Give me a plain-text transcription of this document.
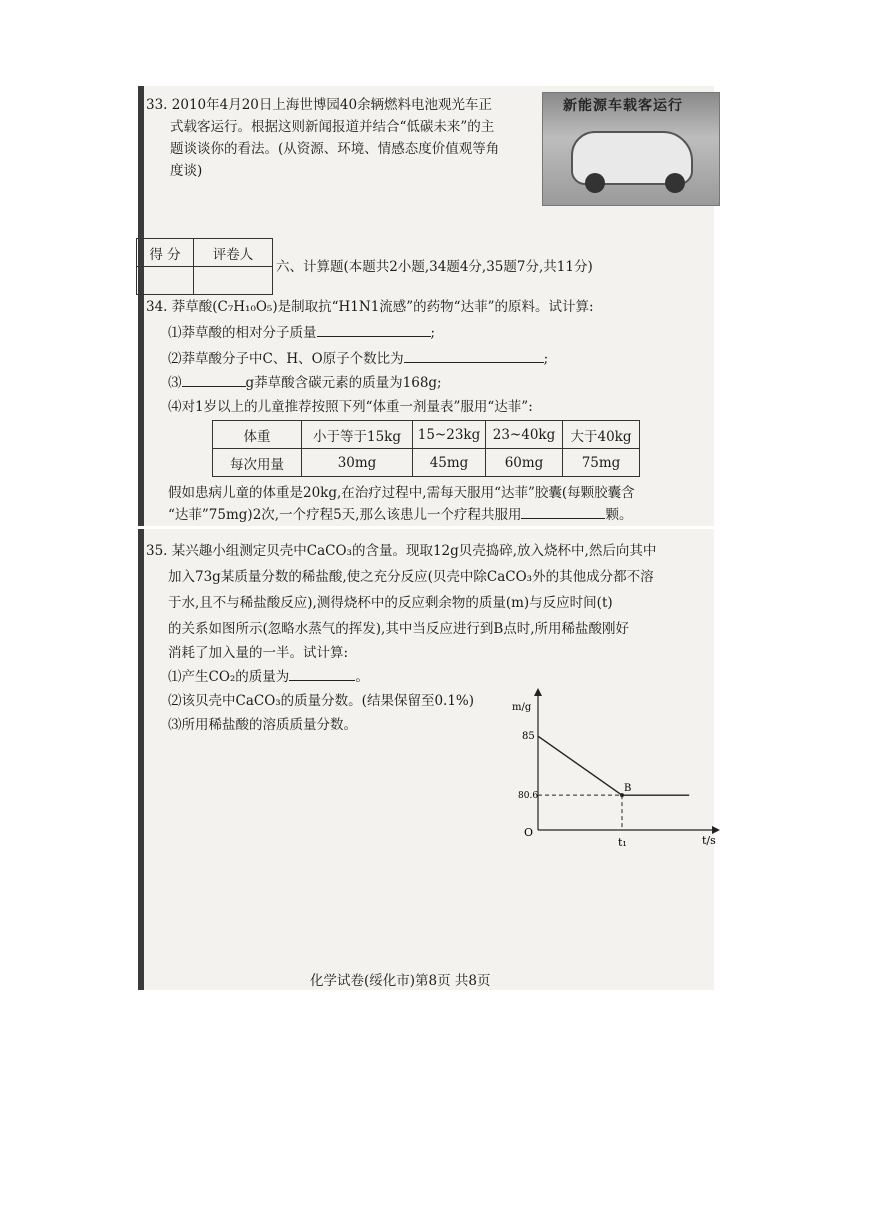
33. 2010年4月20日上海世博园40余辆燃料电池观光车正
式载客运行。根据这则新闻报道并结合“低碳未来”的主
题谈谈你的看法。(从资源、环境、情感态度价值观等角
度谈)
新能源车载客运行
得 分	评卷人

六、计算题(本题共2小题,34题4分,35题7分,共11分)
34. 莽草酸(C₇H₁₀O₅)是制取抗“H1N1流感”的药物“达菲”的原料。试计算:
⑴莽草酸的相对分子质量	;
⑵莽草酸分子中C、H、O原子个数比为	;
⑶	g莽草酸含碳元素的质量为168g;
⑷对1岁以上的儿童推荐按照下列“体重一剂量表”服用“达菲”:
体重	小于等于15kg	15~23kg	23~40kg	大于40kg
每次用量	30mg	45mg	60mg	75mg
假如患病儿童的体重是20kg,在治疗过程中,需每天服用“达菲”胶囊(每颗胶囊含
“达菲”75mg)2次,一个疗程5天,那么该患儿一个疗程共服用	颗。
35. 某兴趣小组测定贝壳中CaCO₃的含量。现取12g贝壳捣碎,放入烧杯中,然后向其中
加入73g某质量分数的稀盐酸,使之充分反应(贝壳中除CaCO₃外的其他成分都不溶
于水,且不与稀盐酸反应),测得烧杯中的反应剩余物的质量(m)与反应时间(t)
的关系如图所示(忽略水蒸气的挥发),其中当反应进行到B点时,所用稀盐酸刚好
消耗了加入量的一半。试计算:
⑴产生CO₂的质量为	。
⑵该贝壳中CaCO₃的质量分数。(结果保留至0.1%)
⑶所用稀盐酸的溶质质量分数。
m/g
t/s
O
85
80.6
t₁
B
化学试卷(绥化市)第8页 共8页
